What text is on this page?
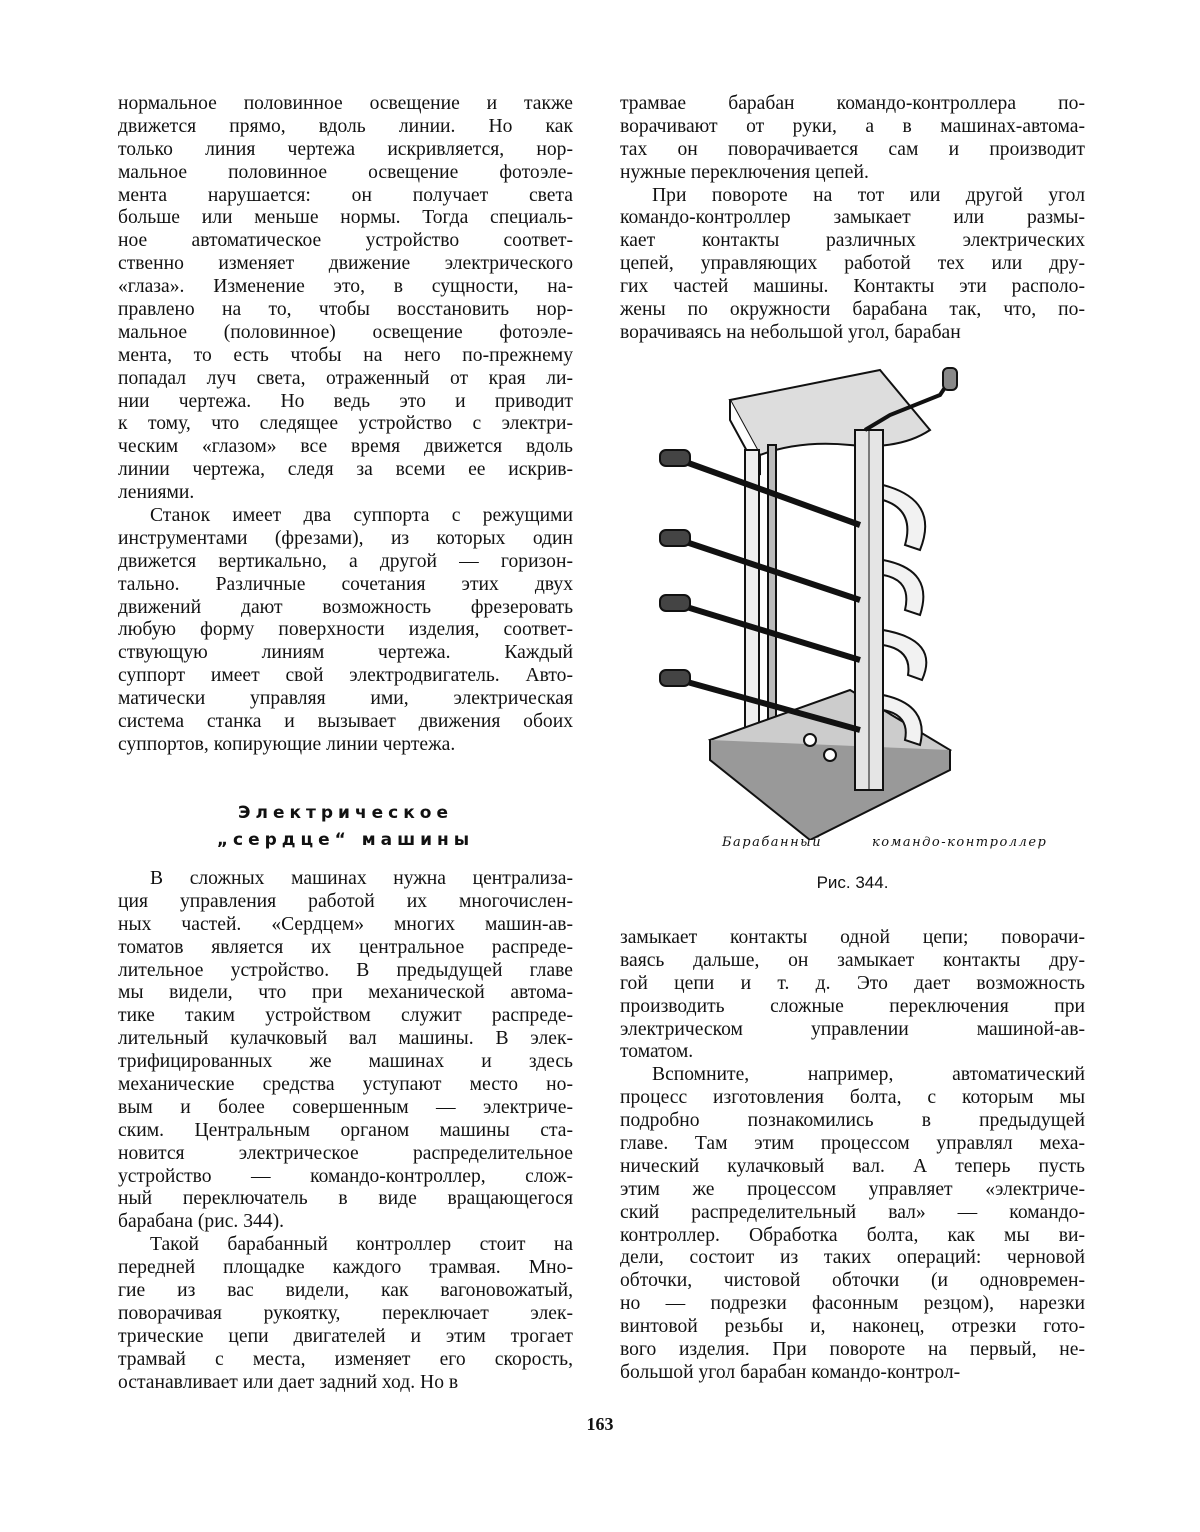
нормальное половинное освещение и также
движется прямо, вдоль линии. Но как
только линия чертежа искривляется, нор-
мальное половинное освещение фотоэле-
мента нарушается: он получает света
больше или меньше нормы. Тогда специаль-
ное автоматическое устройство соответ-
ственно изменяет движение электрического
«глаза». Изменение это, в сущности, на-
правлено на то, чтобы восстановить нор-
мальное (половинное) освещение фотоэле-
мента, то есть чтобы на него по-прежнему
попадал луч света, отраженный от края ли-
нии чертежа. Но ведь это и приводит
к тому, что следящее устройство с электри-
ческим «глазом» все время движется вдоль
линии чертежа, следя за всеми ее искрив-
лениями.
Станок имеет два суппорта с режущими
инструментами (фрезами), из которых один
движется вертикально, а другой — горизон-
тально. Различные сочетания этих двух
движений дают возможность фрезеровать
любую форму поверхности изделия, соответ-
ствующую линиям чертежа. Каждый
суппорт имеет свой электродвигатель. Авто-
матически управляя ими, электрическая
система станка и вызывает движения обоих
суппортов, копирующие линии чертежа.
Электрическое
„сердце“ машины
В сложных машинах нужна централиза-
ция управления работой их многочислен-
ных частей. «Сердцем» многих машин-ав-
томатов является их центральное распреде-
лительное устройство. В предыдущей главе
мы видели, что при механической автома-
тике таким устройством служит распреде-
лительный кулачковый вал машины. В элек-
трифицированных же машинах и здесь
механические средства уступают место но-
вым и более совершенным — электриче-
ским. Центральным органом машины ста-
новится электрическое распределительное
устройство — командо-контроллер, слож-
ный переключатель в виде вращающегося
барабана (рис. 344).
Такой барабанный контроллер стоит на
передней площадке каждого трамвая. Мно-
гие из вас видели, как вагоновожатый,
поворачивая рукоятку, переключает элек-
трические цепи двигателей и этим трогает
трамвай с места, изменяет его скорость,
останавливает или дает задний ход. Но в
трамвае барабан командо-контроллера по-
ворачивают от руки, а в машинах-автома-
тах он поворачивается сам и производит
нужные переключения цепей.
При повороте на тот или другой угол
командо-контроллер замыкает или размы-
кает контакты различных электрических
цепей, управляющих работой тех или дру-
гих частей машины. Контакты эти располо-
жены по окружности барабана так, что, по-
ворачиваясь на небольшой угол, барабан
Барабанный	командо-контроллер
Рис. 344.
замыкает контакты одной цепи; повора­чи-
ваясь дальше, он замыкает контакты дру-
гой цепи и т. д. Это дает возможность
производить сложные переключения при
электрическом управлении машиной-ав-
томатом.
Вспомните, например, автоматический
процесс изготовления болта, с которым мы
подробно познакомились в предыдущей
главе. Там этим процессом управлял меха-
нический кулачковый вал. А теперь пусть
этим же процессом управляет «электриче-
ский распределительный вал» — командо-
контроллер. Обработка болта, как мы ви-
дели, состоит из таких операций: черновой
обточки, чистовой обточки (и одновремен-
но — подрезки фасонным резцом), нарезки
винтовой резьбы и, наконец, отрезки гото-
вого изделия. При повороте на первый, не-
большой угол барабан командо-контрол-
163
